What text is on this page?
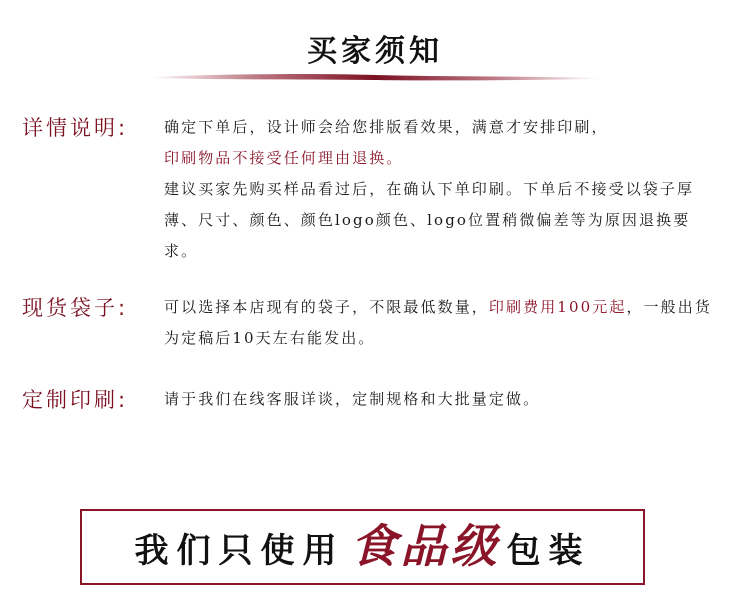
买家须知
详情说明: 确定下单后，设计师会给您排版看效果，满意才安排印刷，

印刷物品不接受任何理由退换。

建议买家先购买样品看过后，在确认下单印刷。下单后不接受以袋子厚薄、尺寸、颜色、颜色logo颜色、logo位置稍微偏差等为原因退换要求。

现货袋子: 可以选择本店现有的袋子，不限最低数量，印刷费用100元起，一般出货为定稿后10天左右能发出。

定制印刷: 请于我们在线客服详谈，定制规格和大批量定做。

我们只使用 食品级 包装
